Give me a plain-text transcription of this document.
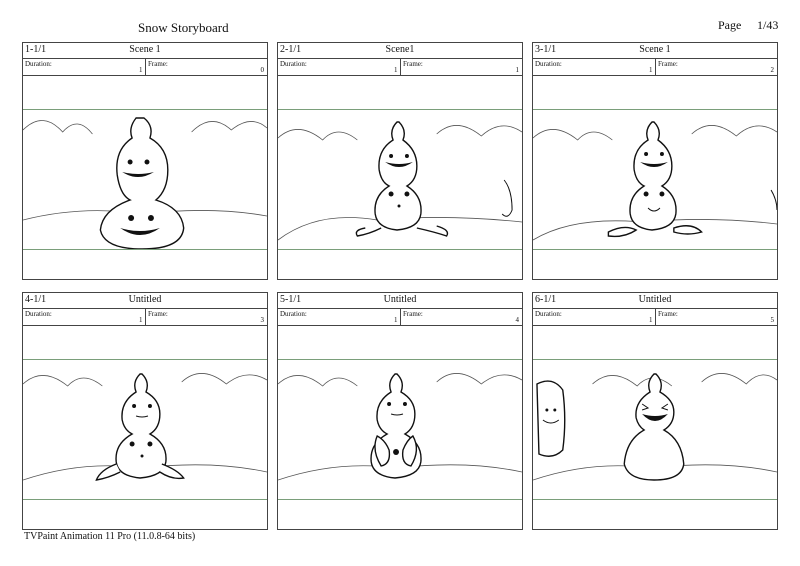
Snow Storyboard	Page 1/43
1-1/1	Scene 1
Duration:
1
Frame:
0
2-1/1	Scene1
Duration:
1
Frame:
1
3-1/1	Scene 1
Duration:
1
Frame:
2
4-1/1	Untitled
Duration:
1
Frame:
3
5-1/1	Untitled
Duration:
1
Frame:
4
6-1/1	Untitled
Duration:
1
Frame:
5
TVPaint Animation 11 Pro (11.0.8-64 bits)
